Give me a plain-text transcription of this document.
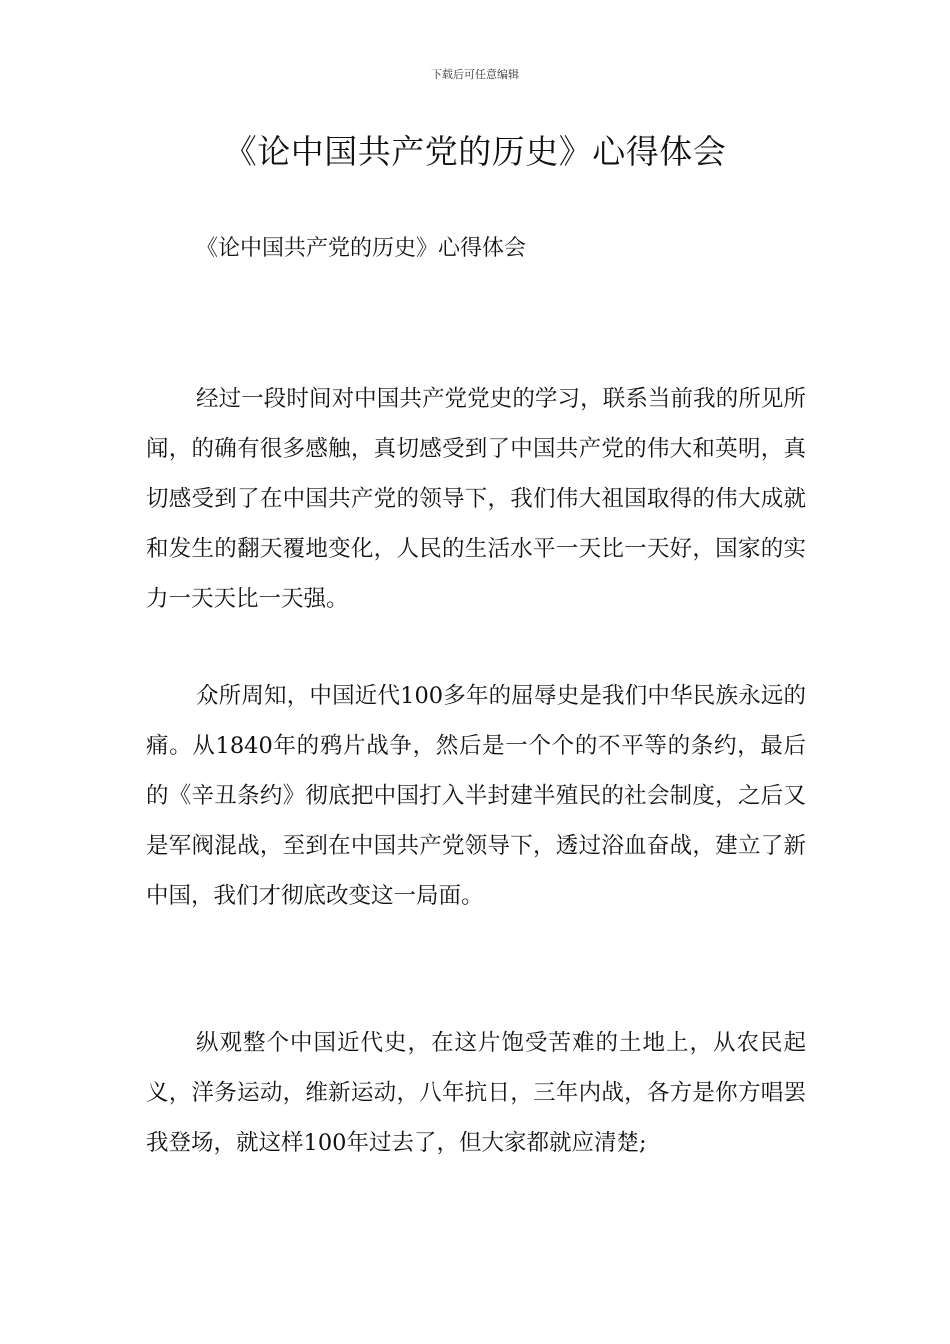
下载后可任意编辑
《论中国共产党的历史》心得体会
《论中国共产党的历史》心得体会

经过一段时间对中国共产党党史的学习，联系当前我的所见所闻，的确有很多感触，真切感受到了中国共产党的伟大和英明，真切感受到了在中国共产党的领导下，我们伟大祖国取得的伟大成就和发生的翻天覆地变化，人民的生活水平一天比一天好，国家的实力一天天比一天强。

众所周知，中国近代100多年的屈辱史是我们中华民族永远的痛。从1840年的鸦片战争，然后是一个个的不平等的条约，最后的《辛丑条约》彻底把中国打入半封建半殖民的社会制度，之后又是军阀混战，至到在中国共产党领导下，透过浴血奋战，建立了新中国，我们才彻底改变这一局面。

纵观整个中国近代史，在这片饱受苦难的土地上，从农民起义，洋务运动，维新运动，八年抗日，三年内战，各方是你方唱罢我登场，就这样100年过去了，但大家都就应清楚;
